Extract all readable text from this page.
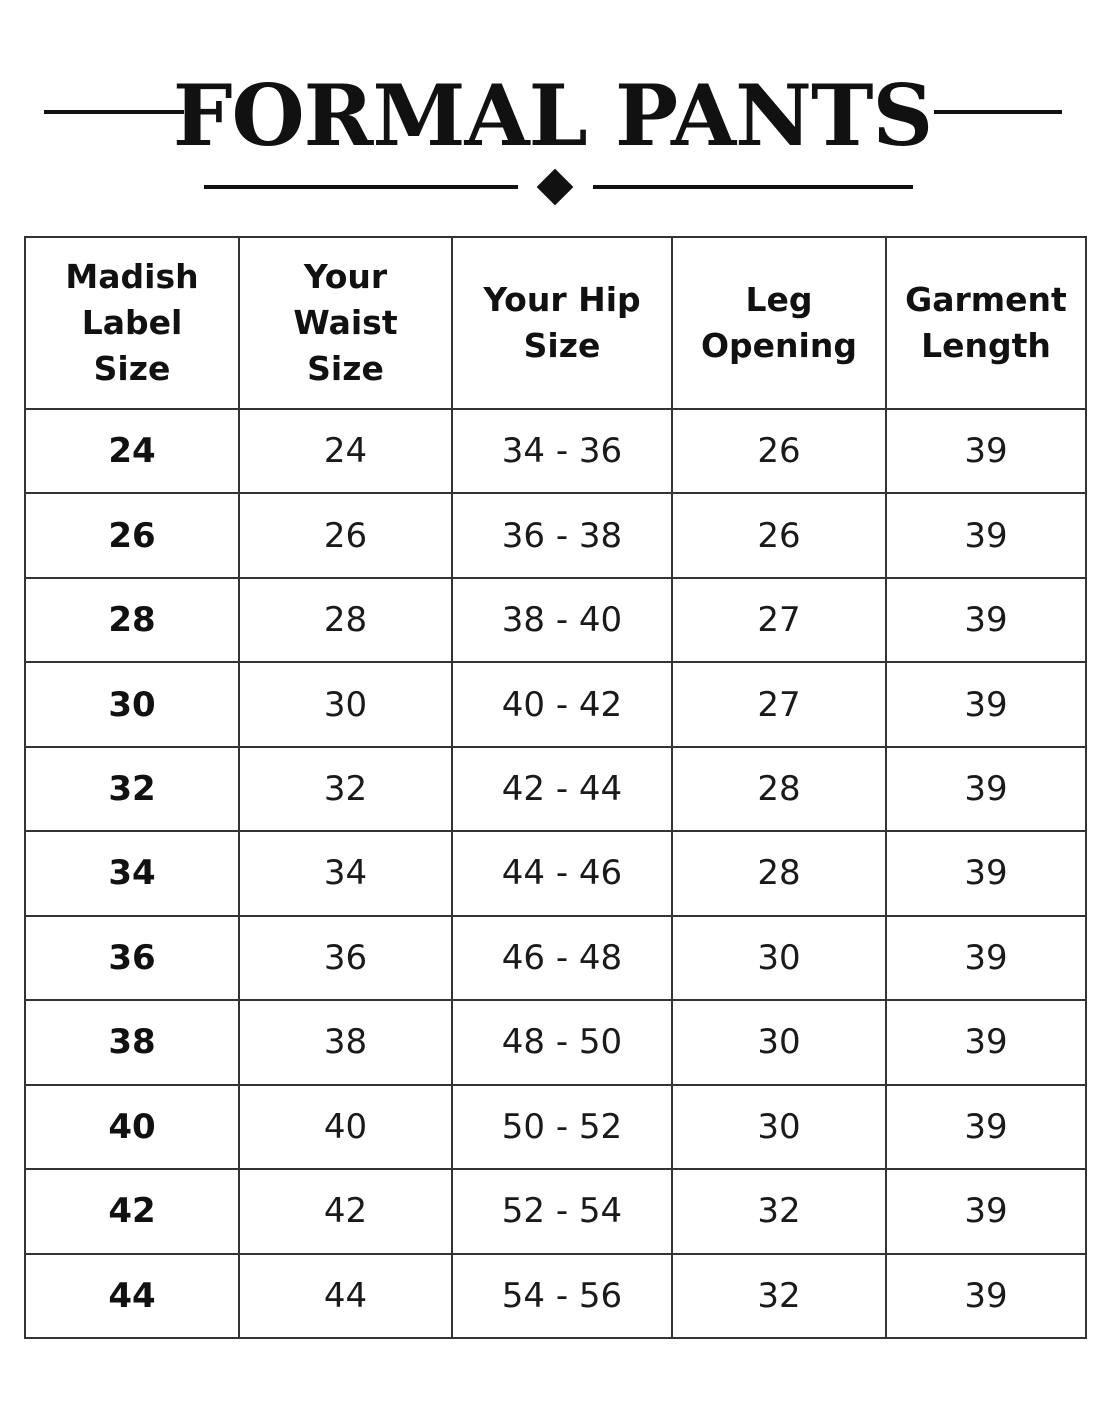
FORMAL PANTS
Madish
Label
Size	Your
Waist
Size	Your Hip
Size	Leg
Opening	Garment
Length
24	24	34 - 36	26	39
26	26	36 - 38	26	39
28	28	38 - 40	27	39
30	30	40 - 42	27	39
32	32	42 - 44	28	39
34	34	44 - 46	28	39
36	36	46 - 48	30	39
38	38	48 - 50	30	39
40	40	50 - 52	30	39
42	42	52 - 54	32	39
44	44	54 - 56	32	39
